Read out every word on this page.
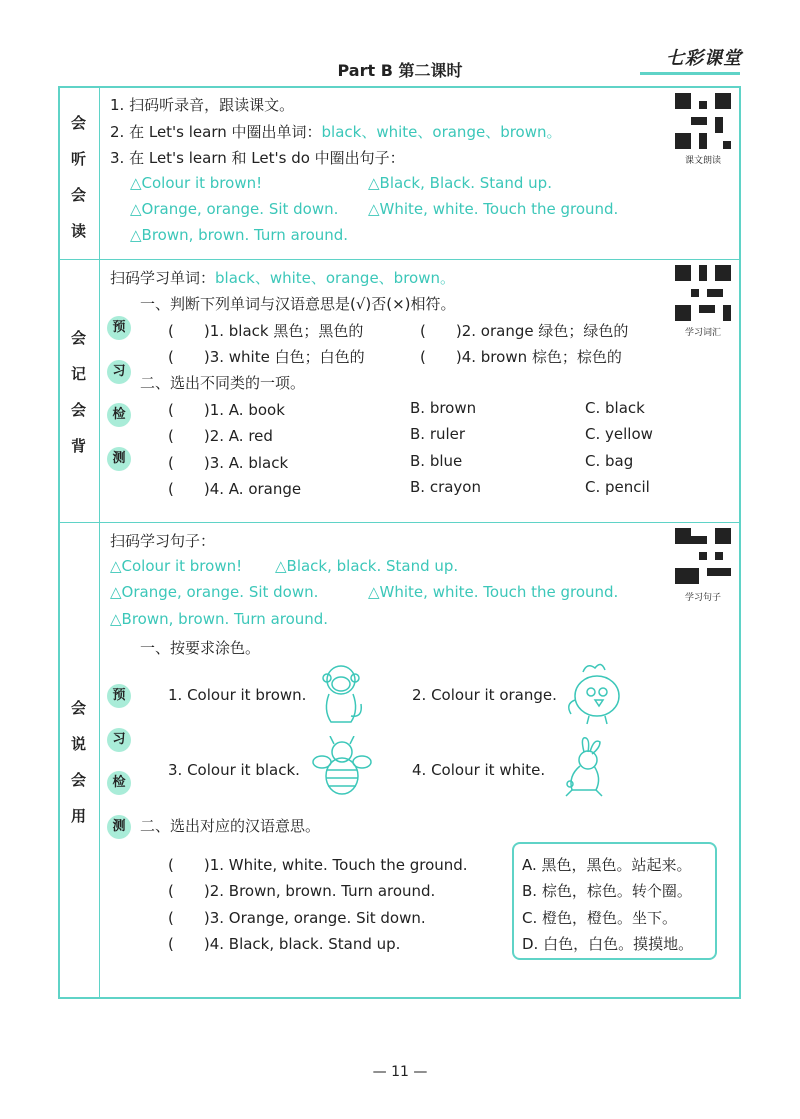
Part B 第二课时
七彩课堂
会
听
会
读
1. 扫码听录音，跟读课文。
2. 在 Let's learn 中圈出单词：black、white、orange、brown。
3. 在 Let's learn 和 Let's do 中圈出句子：
△Colour it brown!	△Black, Black. Stand up.
△Orange, orange. Sit down. △White, white. Touch the ground.
△Brown, brown. Turn around.
课文朗读
会
记
会
背
扫码学习单词：black、white、orange、brown。
一、判断下列单词与汉语意思是(√)否(×)相符。
预
习
检
测
(　　)1. black 黑色；黑色的	(　　)2. orange 绿色；绿色的
(　　)3. white 白色；白色的	(　　)4. brown 棕色；棕色的
二、选出不同类的一项。
(　　)1. A. book	B. brown	C. black
(　　)2. A. red	B. ruler	C. yellow
(　　)3. A. black	B. blue	C. bag
(　　)4. A. orange	B. crayon	C. pencil
学习词汇
会
说
会
用
扫码学习句子：
△Colour it brown! △Black, black. Stand up.
△Orange, orange. Sit down.	△White, white. Touch the ground.
△Brown, brown. Turn around.
一、按要求涂色。
预
习
检
测
1. Colour it brown.	2. Colour it orange.
3. Colour it black.	4. Colour it white.
二、选出对应的汉语意思。
(　　)1. White, white. Touch the ground.
(　　)2. Brown, brown. Turn around.
(　　)3. Orange, orange. Sit down.
(　　)4. Black, black. Stand up.
A. 黑色，黑色。站起来。
B. 棕色，棕色。转个圈。
C. 橙色，橙色。坐下。
D. 白色，白色。摸摸地。
学习句子
— 11 —
